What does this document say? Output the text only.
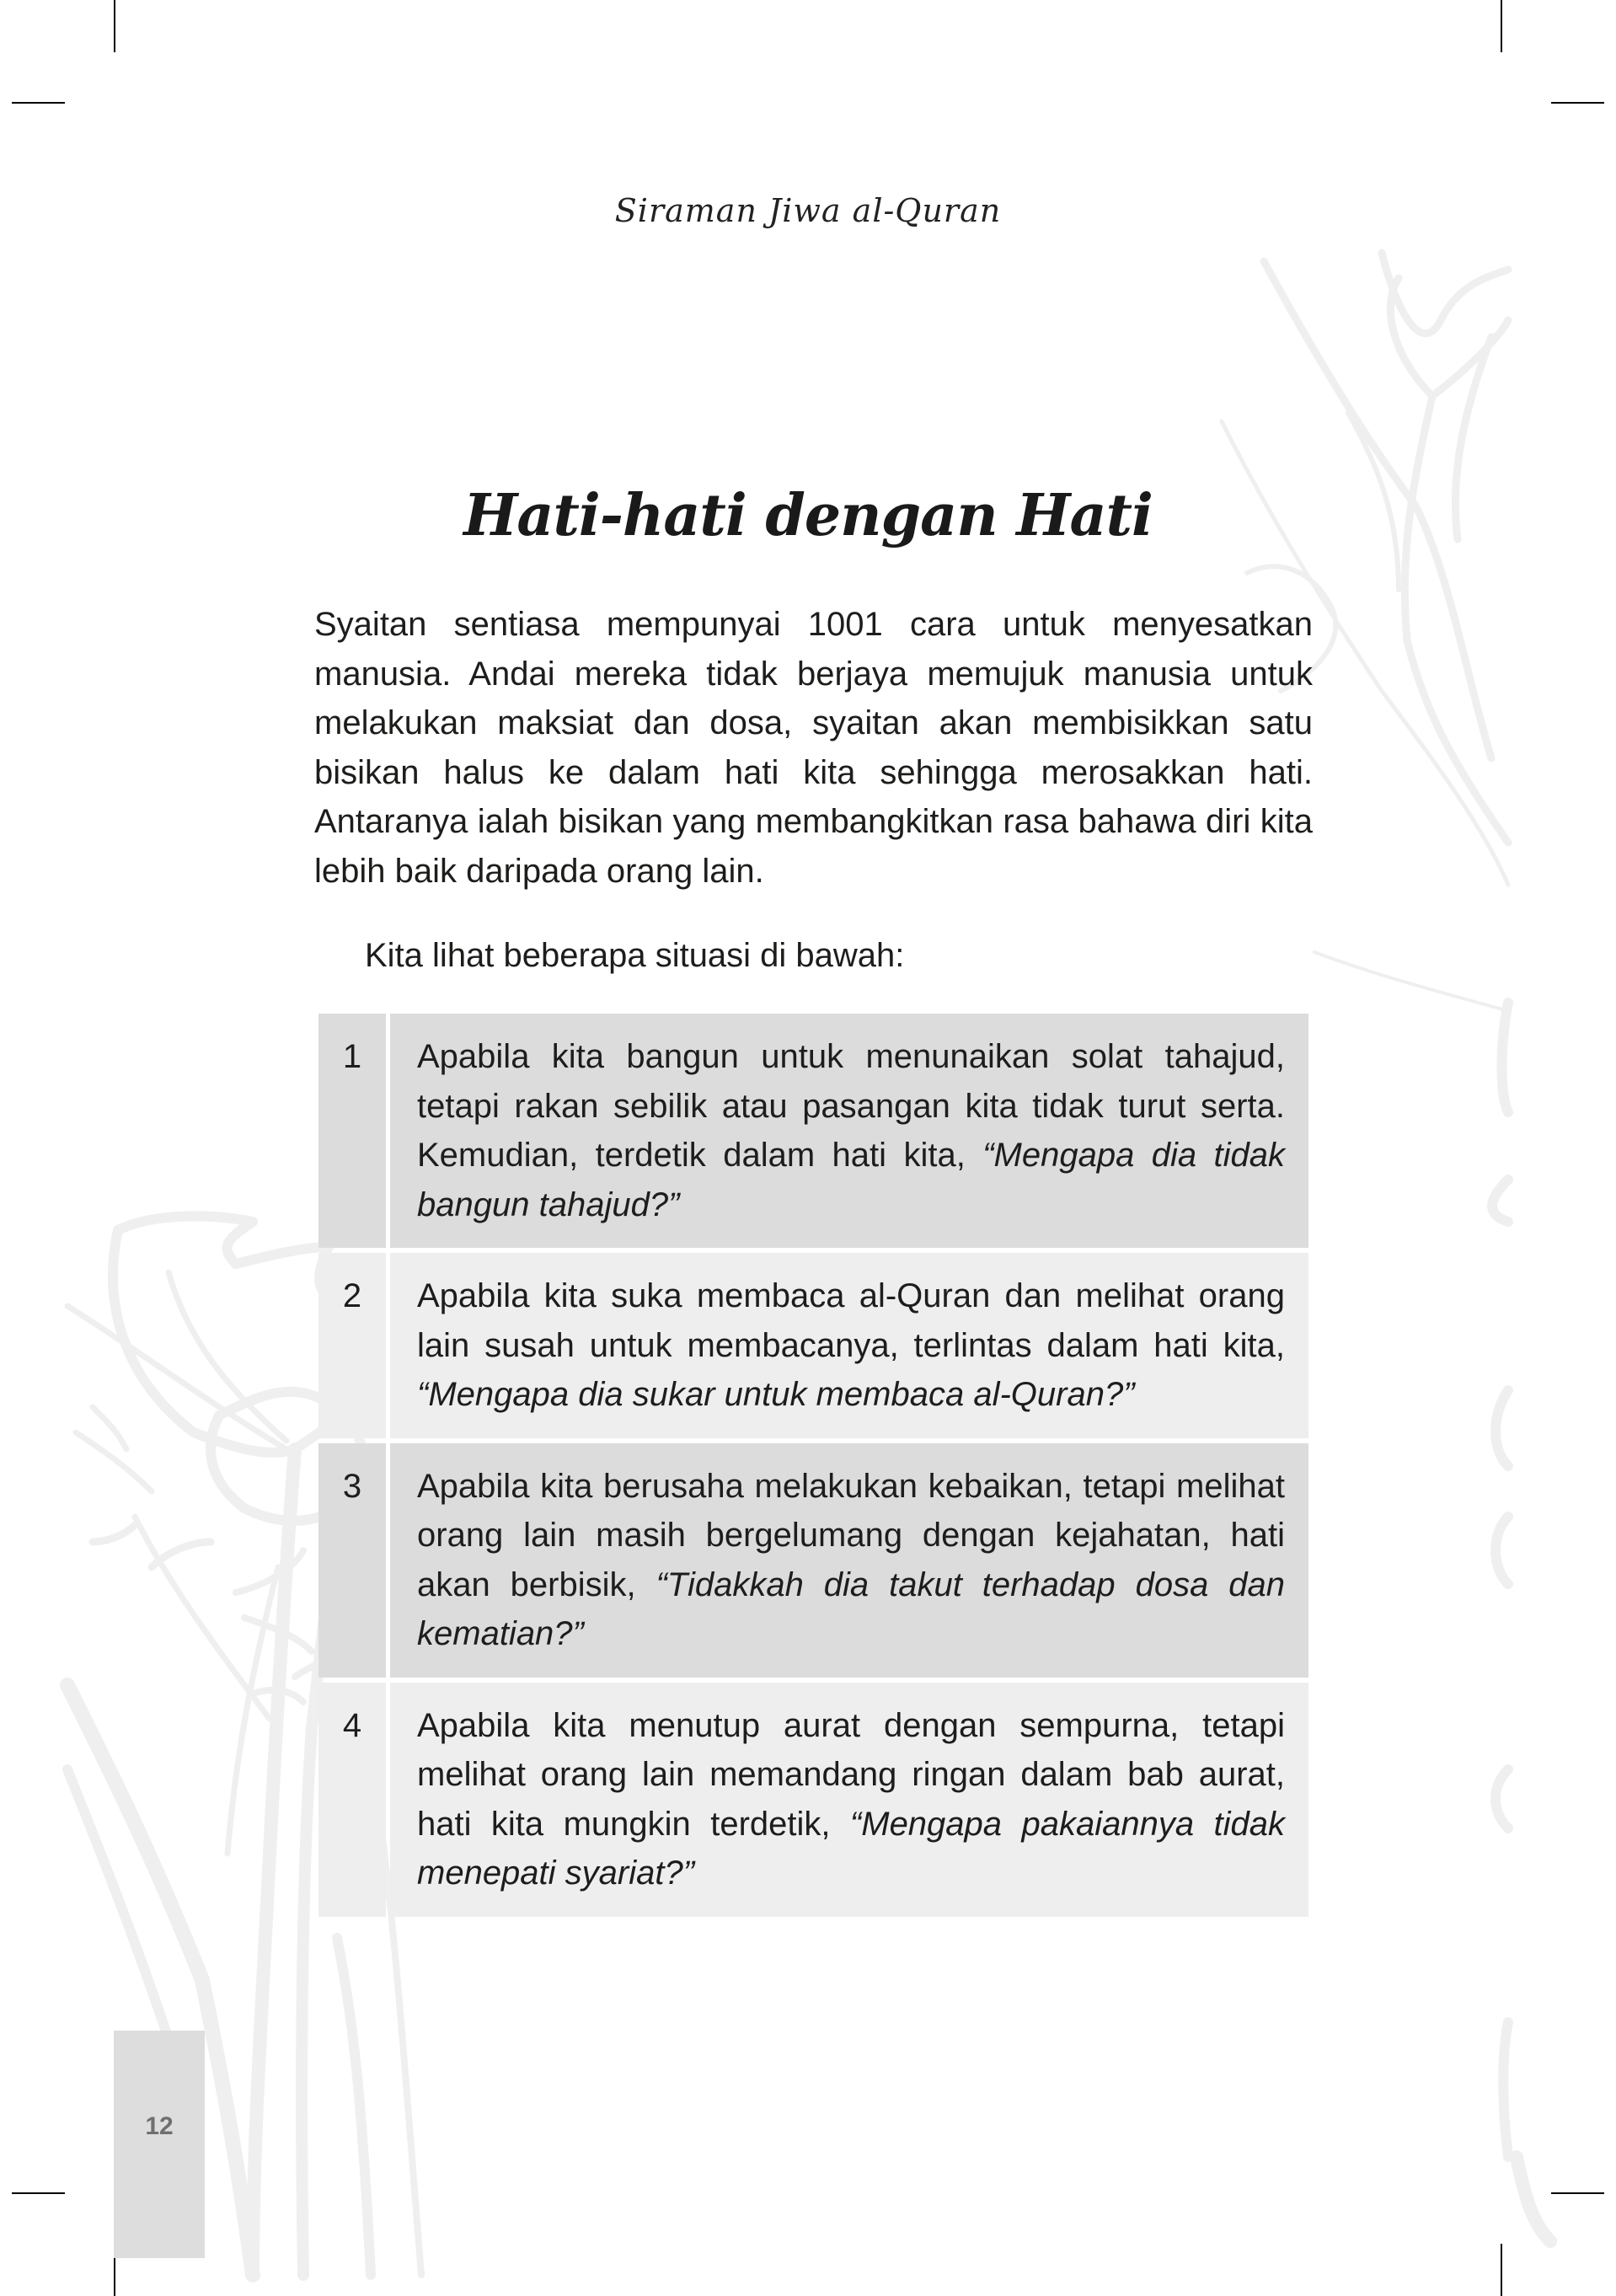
Siraman Jiwa al-Quran
Hati-hati dengan Hati

Syaitan sentiasa mempunyai 1001 cara untuk menyesatkan manusia. Andai mereka tidak berjaya memujuk manusia untuk melakukan maksiat dan dosa, syaitan akan membisikkan satu bisikan halus ke dalam hati kita sehingga merosakkan hati. Antaranya ialah bisikan yang membangkitkan rasa bahawa diri kita lebih baik daripada orang lain.

Kita lihat beberapa situasi di bawah:

1	Apabila kita bangun untuk menunaikan solat tahajud, tetapi rakan sebilik atau pasangan kita tidak turut serta. Kemudian, terdetik dalam hati kita, “Mengapa dia tidak bangun tahajud?”
2	Apabila kita suka membaca al-Quran dan melihat orang lain susah untuk membacanya, terlintas dalam hati kita, “Mengapa dia sukar untuk membaca al-Quran?”
3	Apabila kita berusaha melakukan kebaikan, tetapi melihat orang lain masih bergelumang dengan kejahatan, hati akan berbisik, “Tidakkah dia takut terhadap dosa dan kematian?”
4	Apabila kita menutup aurat dengan sempurna, tetapi melihat orang lain memandang ringan dalam bab aurat, hati kita mungkin terdetik, “Mengapa pakaiannya tidak menepati syariat?”
12
